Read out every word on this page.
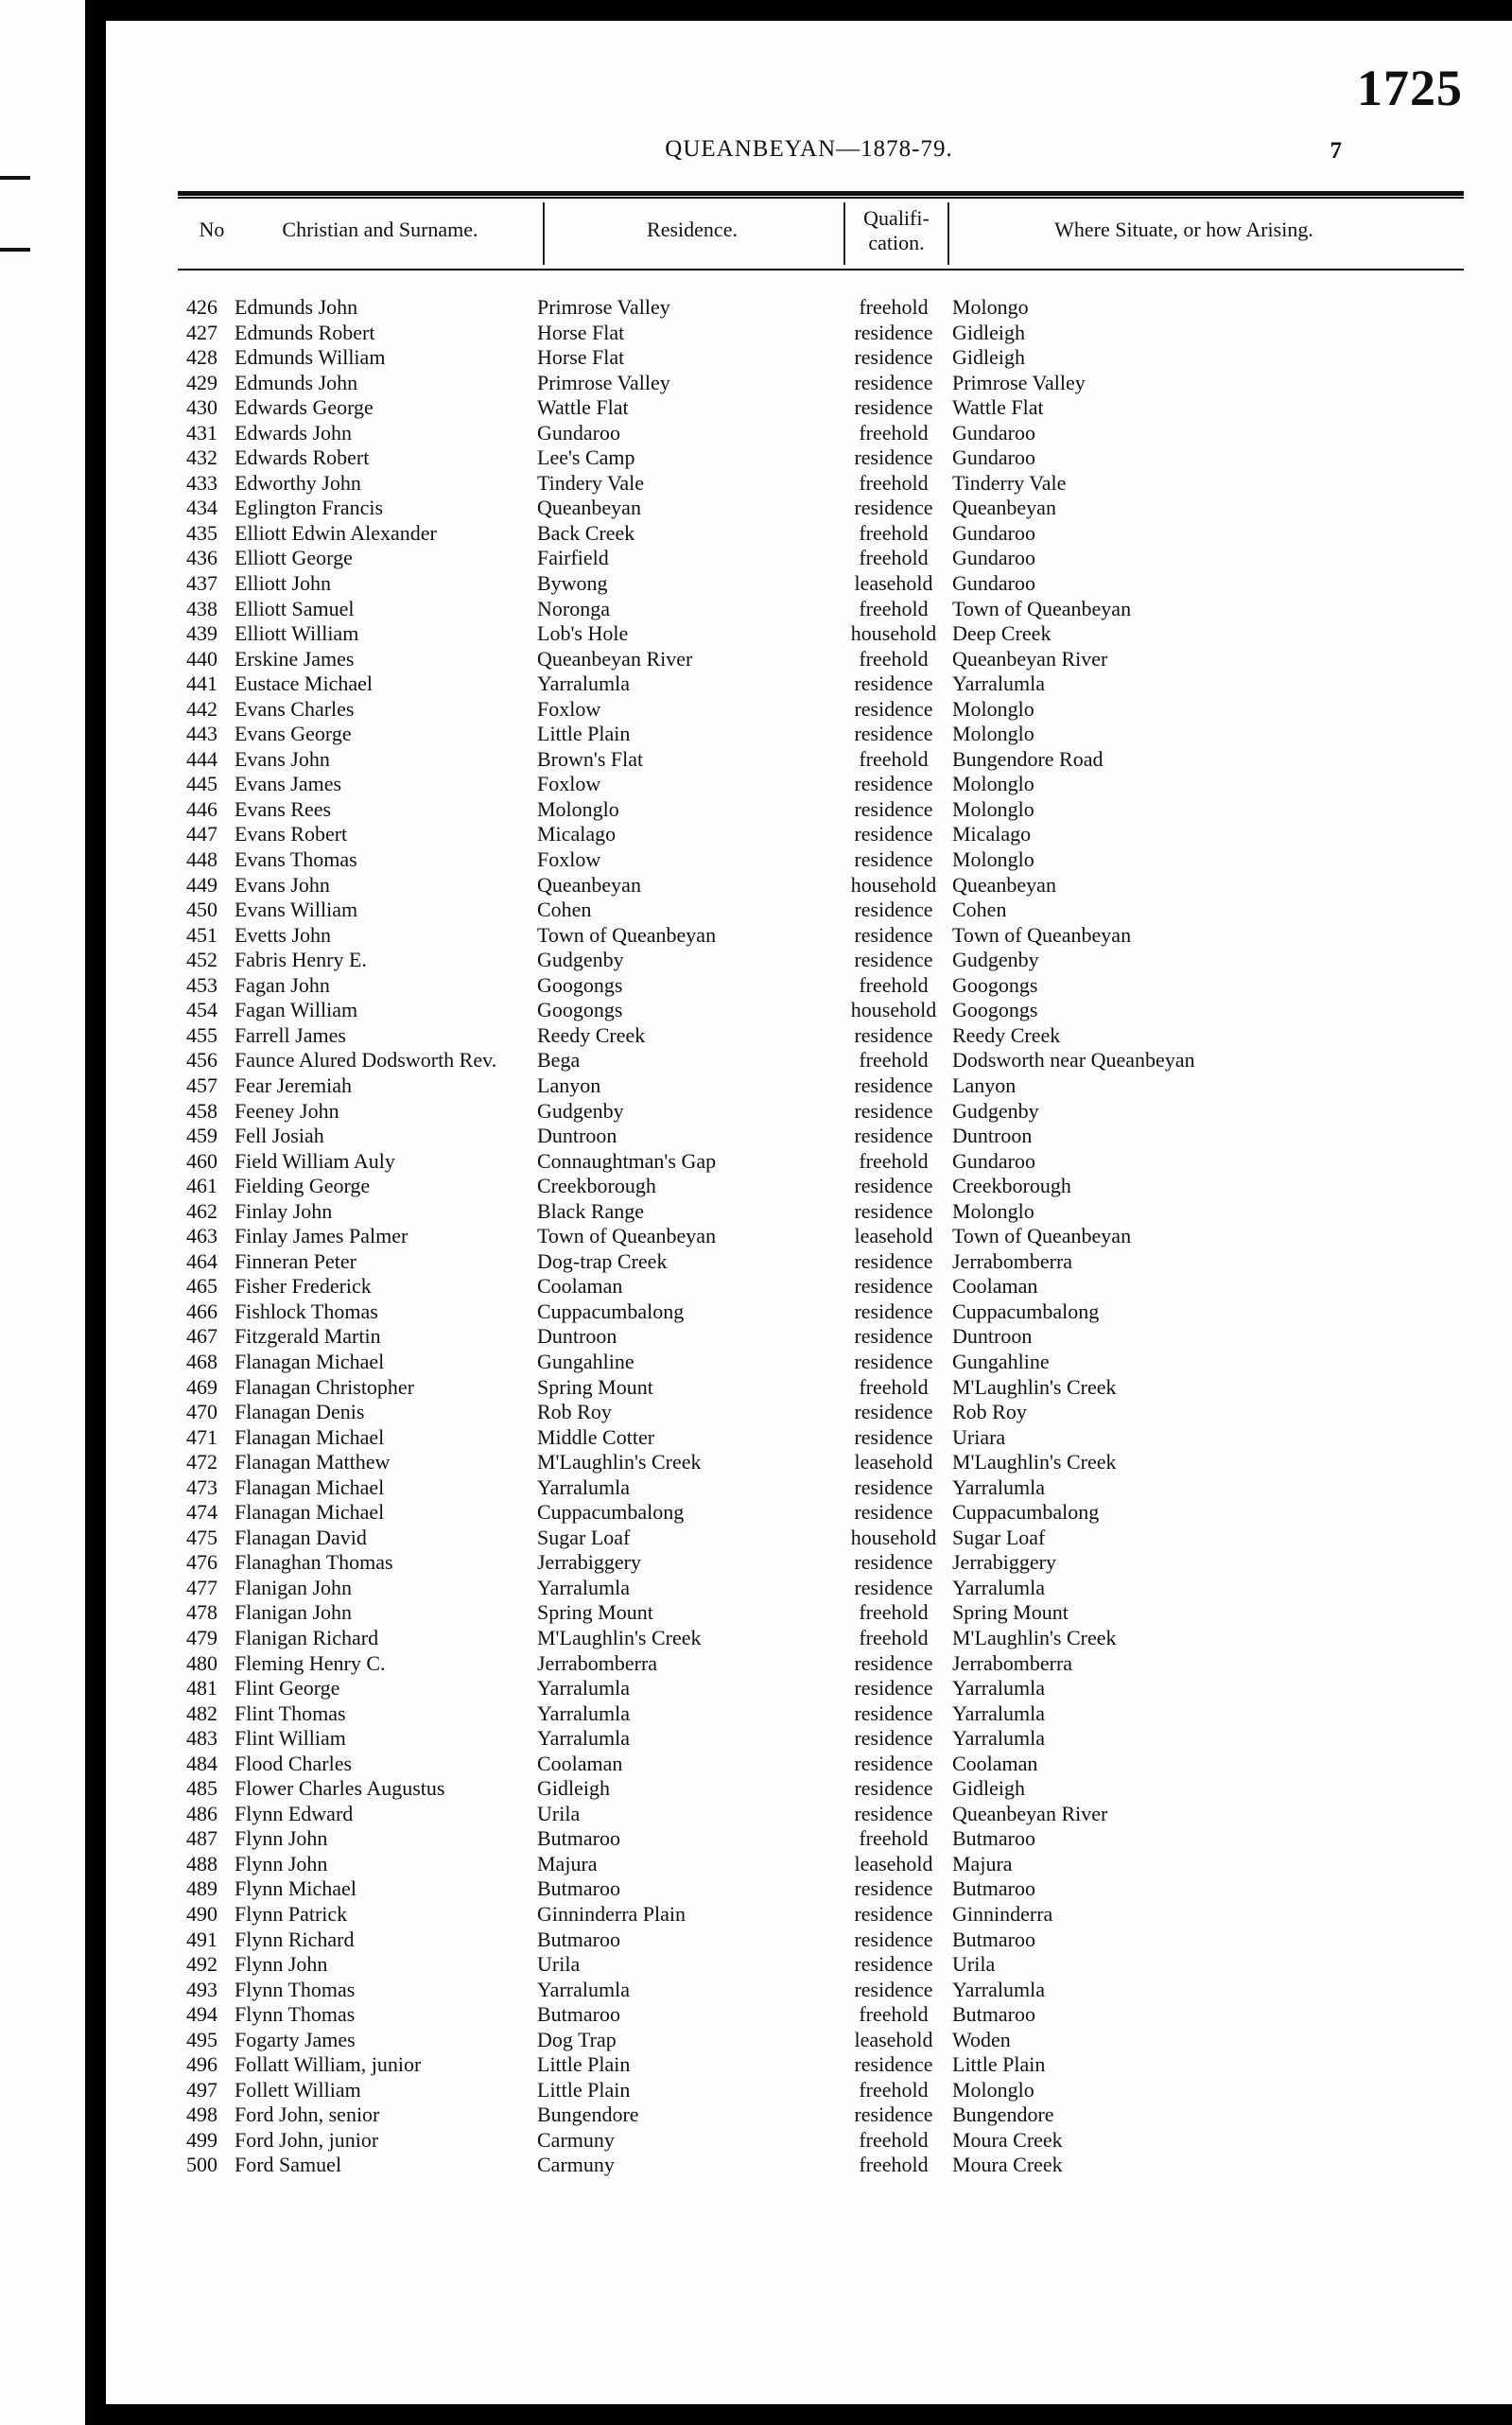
1725
QUEANBEYAN—1878-79.	7
No	Christian and Surname.	Residence.	Qualifi-
cation.
Where Situate, or how Arising.
426 Edmunds John	Primrose Valley	freehold	Molongo
427 Edmunds Robert	Horse Flat	residence Gidleigh
428 Edmunds William	Horse Flat	residence Gidleigh
429 Edmunds John	Primrose Valley	residence Primrose Valley
430 Edwards George	Wattle Flat	residence Wattle Flat
431 Edwards John	Gundaroo	freehold	Gundaroo
432 Edwards Robert	Lee's Camp	residence Gundaroo
433 Edworthy John	Tindery Vale	freehold	Tinderry Vale
434 Eglington Francis	Queanbeyan	residence Queanbeyan
435 Elliott Edwin Alexander	Back Creek	freehold	Gundaroo
436 Elliott George	Fairfield	freehold	Gundaroo
437 Elliott John	Bywong	leasehold Gundaroo
438 Elliott Samuel	Noronga	freehold	Town of Queanbeyan
439 Elliott William	Lob's Hole	household Deep Creek
440 Erskine James	Queanbeyan River	freehold	Queanbeyan River
441 Eustace Michael	Yarralumla	residence Yarralumla
442 Evans Charles	Foxlow	residence Molonglo
443 Evans George	Little Plain	residence Molonglo
444 Evans John	Brown's Flat	freehold	Bungendore Road
445 Evans James	Foxlow	residence Molonglo
446 Evans Rees	Molonglo	residence Molonglo
447 Evans Robert	Micalago	residence Micalago
448 Evans Thomas	Foxlow	residence Molonglo
449 Evans John	Queanbeyan	household Queanbeyan
450 Evans William	Cohen	residence Cohen
451 Evetts John	Town of Queanbeyan	residence Town of Queanbeyan
452 Fabris Henry E.	Gudgenby	residence Gudgenby
453 Fagan John	Googongs	freehold	Googongs
454 Fagan William	Googongs	household Googongs
455 Farrell James	Reedy Creek	residence Reedy Creek
456 Faunce Alured Dodsworth Rev.	Bega	freehold	Dodsworth near Queanbeyan
457 Fear Jeremiah	Lanyon	residence Lanyon
458 Feeney John	Gudgenby	residence Gudgenby
459 Fell Josiah	Duntroon	residence Duntroon
460 Field William Auly	Connaughtman's Gap	freehold	Gundaroo
461 Fielding George	Creekborough	residence Creekborough
462 Finlay John	Black Range	residence Molonglo
463 Finlay James Palmer	Town of Queanbeyan	leasehold Town of Queanbeyan
464 Finneran Peter	Dog-trap Creek	residence Jerrabomberra
465 Fisher Frederick	Coolaman	residence Coolaman
466 Fishlock Thomas	Cuppacumbalong	residence Cuppacumbalong
467 Fitzgerald Martin	Duntroon	residence Duntroon
468 Flanagan Michael	Gungahline	residence Gungahline
469 Flanagan Christopher	Spring Mount	freehold	M'Laughlin's Creek
470 Flanagan Denis	Rob Roy	residence Rob Roy
471 Flanagan Michael	Middle Cotter	residence Uriara
472 Flanagan Matthew	M'Laughlin's Creek	leasehold M'Laughlin's Creek
473 Flanagan Michael	Yarralumla	residence Yarralumla
474 Flanagan Michael	Cuppacumbalong	residence Cuppacumbalong
475 Flanagan David	Sugar Loaf	household Sugar Loaf
476 Flanaghan Thomas	Jerrabiggery	residence Jerrabiggery
477 Flanigan John	Yarralumla	residence Yarralumla
478 Flanigan John	Spring Mount	freehold	Spring Mount
479 Flanigan Richard	M'Laughlin's Creek	freehold	M'Laughlin's Creek
480 Fleming Henry C.	Jerrabomberra	residence Jerrabomberra
481 Flint George	Yarralumla	residence Yarralumla
482 Flint Thomas	Yarralumla	residence Yarralumla
483 Flint William	Yarralumla	residence Yarralumla
484 Flood Charles	Coolaman	residence Coolaman
485 Flower Charles Augustus	Gidleigh	residence Gidleigh
486 Flynn Edward	Urila	residence Queanbeyan River
487 Flynn John	Butmaroo	freehold	Butmaroo
488 Flynn John	Majura	leasehold Majura
489 Flynn Michael	Butmaroo	residence Butmaroo
490 Flynn Patrick	Ginninderra Plain	residence Ginninderra
491 Flynn Richard	Butmaroo	residence Butmaroo
492 Flynn John	Urila	residence Urila
493 Flynn Thomas	Yarralumla	residence Yarralumla
494 Flynn Thomas	Butmaroo	freehold	Butmaroo
495 Fogarty James	Dog Trap	leasehold Woden
496 Follatt William, junior	Little Plain	residence Little Plain
497 Follett William	Little Plain	freehold	Molonglo
498 Ford John, senior	Bungendore	residence Bungendore
499 Ford John, junior	Carmuny	freehold	Moura Creek
500 Ford Samuel	Carmuny	freehold	Moura Creek
